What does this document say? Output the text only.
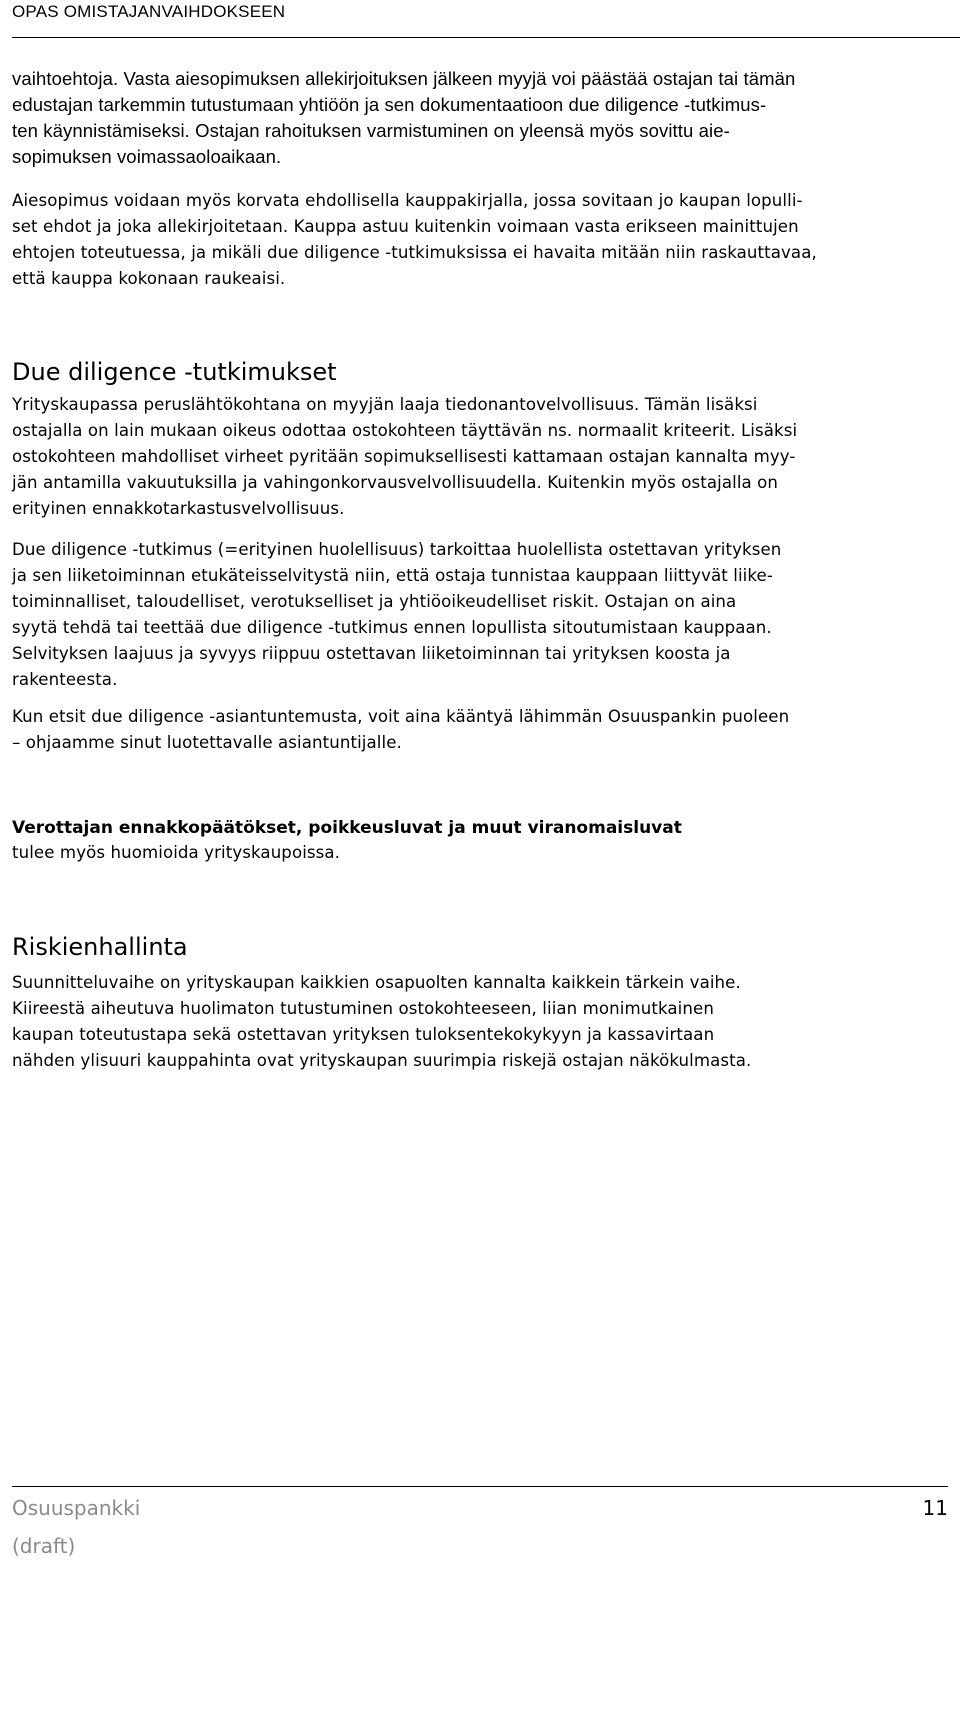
OPAS OMISTAJANVAIHDOKSEEN

vaihtoehtoja. Vasta aiesopimuksen allekirjoituksen jälkeen myyjä voi päästää ostajan tai tämän
edustajan tarkemmin tutustumaan yhtiöön ja sen dokumentaatioon due diligence -tutkimus-
ten käynnistämiseksi. Ostajan rahoituksen varmistuminen on yleensä myös sovittu aie-
sopimuksen voimassaoloaikaan.

Aiesopimus voidaan myös korvata ehdollisella kauppakirjalla, jossa sovitaan jo kaupan lopulli-
set ehdot ja joka allekirjoitetaan. Kauppa astuu kuitenkin voimaan vasta erikseen mainittujen
ehtojen toteutuessa, ja mikäli due diligence -tutkimuksissa ei havaita mitään niin raskauttavaa,
että kauppa kokonaan raukeaisi.

Due diligence -tutkimukset

Yrityskaupassa peruslähtökohtana on myyjän laaja tiedonantovelvollisuus. Tämän lisäksi
ostajalla on lain mukaan oikeus odottaa ostokohteen täyttävän ns. normaalit kriteerit. Lisäksi
ostokohteen mahdolliset virheet pyritään sopimuksellisesti kattamaan ostajan kannalta myy-
jän antamilla vakuutuksilla ja vahingonkorvausvelvollisuudella. Kuitenkin myös ostajalla on
erityinen ennakkotarkastusvelvollisuus.

Due diligence -tutkimus (=erityinen huolellisuus) tarkoittaa huolellista ostettavan yrityksen
ja sen liiketoiminnan etukäteisselvitystä niin, että ostaja tunnistaa kauppaan liittyvät liike-
toiminnalliset, taloudelliset, verotukselliset ja yhtiöoikeudelliset riskit. Ostajan on aina
syytä tehdä tai teettää due diligence -tutkimus ennen lopullista sitoutumistaan kauppaan.
Selvityksen laajuus ja syvyys riippuu ostettavan liiketoiminnan tai yrityksen koosta ja
rakenteesta.

Kun etsit due diligence -asiantuntemusta, voit aina kääntyä lähimmän Osuuspankin puoleen
– ohjaamme sinut luotettavalle asiantuntijalle.

Verottajan ennakkopäätökset, poikkeusluvat ja muut viranomaisluvat

tulee myös huomioida yrityskaupoissa.

Riskienhallinta

Suunnitteluvaihe on yrityskaupan kaikkien osapuolten kannalta kaikkein tärkein vaihe.
Kiireestä aiheutuva huolimaton tutustuminen ostokohteeseen, liian monimutkainen
kaupan toteutustapa sekä ostettavan yrityksen tuloksentekokykyyn ja kassavirtaan
nähden ylisuuri kauppahinta ovat yrityskaupan suurimpia riskejä ostajan näkökulmasta.

Osuuspankki	11
(draft)
